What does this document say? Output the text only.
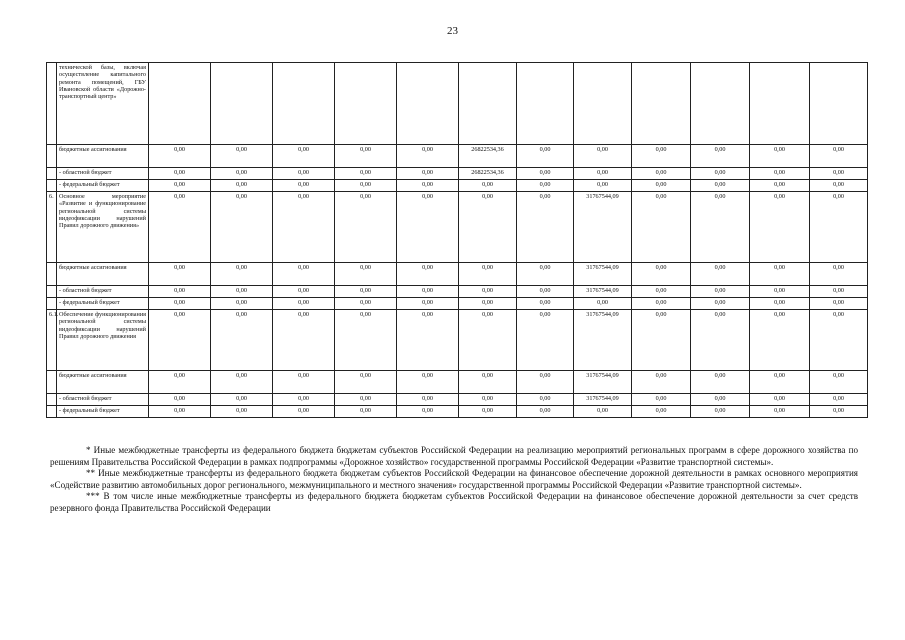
23
	технической базы, включая осуществление капитального ремонта помещений, ГБУ Ивановской области «Дорожно-транспортный центр»												
	бюджетные ассигнования	0,00	0,00	0,00	0,00	0,00	26822534,36	0,00	0,00	0,00	0,00	0,00	0,00
	- областной бюджет	0,00	0,00	0,00	0,00	0,00	26822534,36	0,00	0,00	0,00	0,00	0,00	0,00
	- федеральный бюджет	0,00	0,00	0,00	0,00	0,00	0,00	0,00	0,00	0,00	0,00	0,00	0,00
6.	Основное мероприятие «Развитие и функционирование региональной системы видеофиксации нарушений Правил дорожного движения»	0,00	0,00	0,00	0,00	0,00	0,00	0,00	31767544,09	0,00	0,00	0,00	0,00
	бюджетные ассигнования	0,00	0,00	0,00	0,00	0,00	0,00	0,00	31767544,09	0,00	0,00	0,00	0,00
	- областной бюджет	0,00	0,00	0,00	0,00	0,00	0,00	0,00	31767544,09	0,00	0,00	0,00	0,00
	- федеральный бюджет	0,00	0,00	0,00	0,00	0,00	0,00	0,00	0,00	0,00	0,00	0,00	0,00
6.1.	Обеспечение функционирования региональной системы видеофиксации нарушений Правил дорожного движения	0,00	0,00	0,00	0,00	0,00	0,00	0,00	31767544,09	0,00	0,00	0,00	0,00
	бюджетные ассигнования	0,00	0,00	0,00	0,00	0,00	0,00	0,00	31767544,09	0,00	0,00	0,00	0,00
	- областной бюджет	0,00	0,00	0,00	0,00	0,00	0,00	0,00	31767544,09	0,00	0,00	0,00	0,00
	- федеральный бюджет	0,00	0,00	0,00	0,00	0,00	0,00	0,00	0,00	0,00	0,00	0,00	0,00

* Иные межбюджетные трансферты из федерального бюджета бюджетам субъектов Российской Федерации на реализацию мероприятий региональных программ в сфере дорожного хозяйства по решениям Правительства Российской Федерации в рамках подпрограммы «Дорожное хозяйство» государственной программы Российской Федерации «Развитие транспортной системы».

** Иные межбюджетные трансферты из федерального бюджета бюджетам субъектов Российской Федерации на финансовое обеспечение дорожной деятельности в рамках основного мероприятия «Содействие развитию автомобильных дорог регионального, межмуниципального и местного значения» государственной программы Российской Федерации «Развитие транспортной системы».

*** В том числе иные межбюджетные трансферты из федерального бюджета бюджетам субъектов Российской Федерации на финансовое обеспечение дорожной деятельности за счет средств резервного фонда Правительства Российской Федерации
